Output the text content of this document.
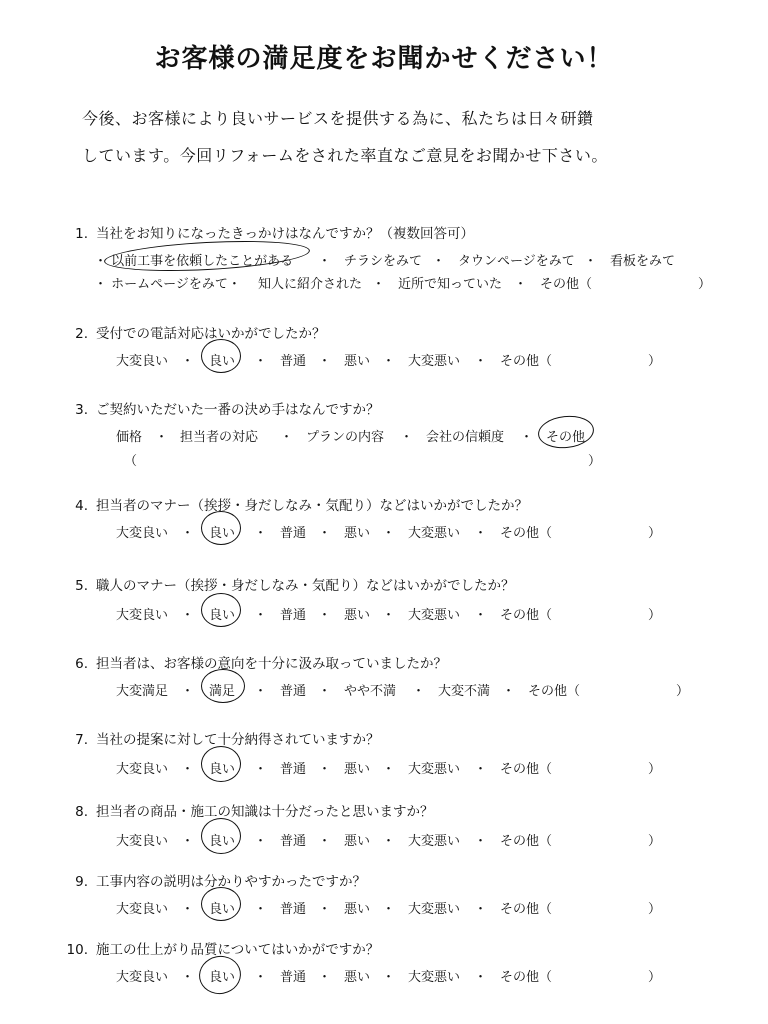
お客様の満足度をお聞かせください！
今後、お客様により良いサービスを提供する為に、私たちは日々研鑽
しています。今回リフォームをされた率直なご意見をお聞かせ下さい。
1. 当社をお知りになったきっかけはなんですか？（複数回答可）
・ 以前工事を依頼したことがある ・　チラシをみて ・　タウンページをみて ・　看板をみて
・ ホームページをみて・ 知人に紹介された ・　近所で知っていた ・　その他（	）
2. 受付での電話対応はいかがでしたか？
大変良い　・ 良い ・　普通 ・　悪い ・　大変悪い ・　その他（	）
3. ご契約いただいた一番の決め手はなんですか？
価格　・ 担当者の対応 ・　プランの内容 ・　会社の信頼度 ・　その他
（	）
4. 担当者のマナー（挨拶・身だしなみ・気配り）などはいかがでしたか？
大変良い　・ 良い ・　普通 ・　悪い ・　大変悪い ・　その他（	）
5. 職人のマナー（挨拶・身だしなみ・気配り）などはいかがでしたか？
大変良い　・ 良い ・　普通 ・　悪い ・　大変悪い ・　その他（	）
6. 担当者は、お客様の意向を十分に汲み取っていましたか？
大変満足　・ 満足 ・　普通 ・　やや不満 ・　大変不満 ・　その他（	）
7. 当社の提案に対して十分納得されていますか？
大変良い　・ 良い ・　普通 ・　悪い ・　大変悪い ・　その他（	）
8. 担当者の商品・施工の知識は十分だったと思いますか？
大変良い　・ 良い ・　普通 ・　悪い ・　大変悪い ・　その他（	）
9. 工事内容の説明は分かりやすかったですか？
大変良い　・ 良い ・　普通 ・　悪い ・　大変悪い ・　その他（	）
10. 施工の仕上がり品質についてはいかがですか？
大変良い　・ 良い ・　普通 ・　悪い ・　大変悪い ・　その他（	）
